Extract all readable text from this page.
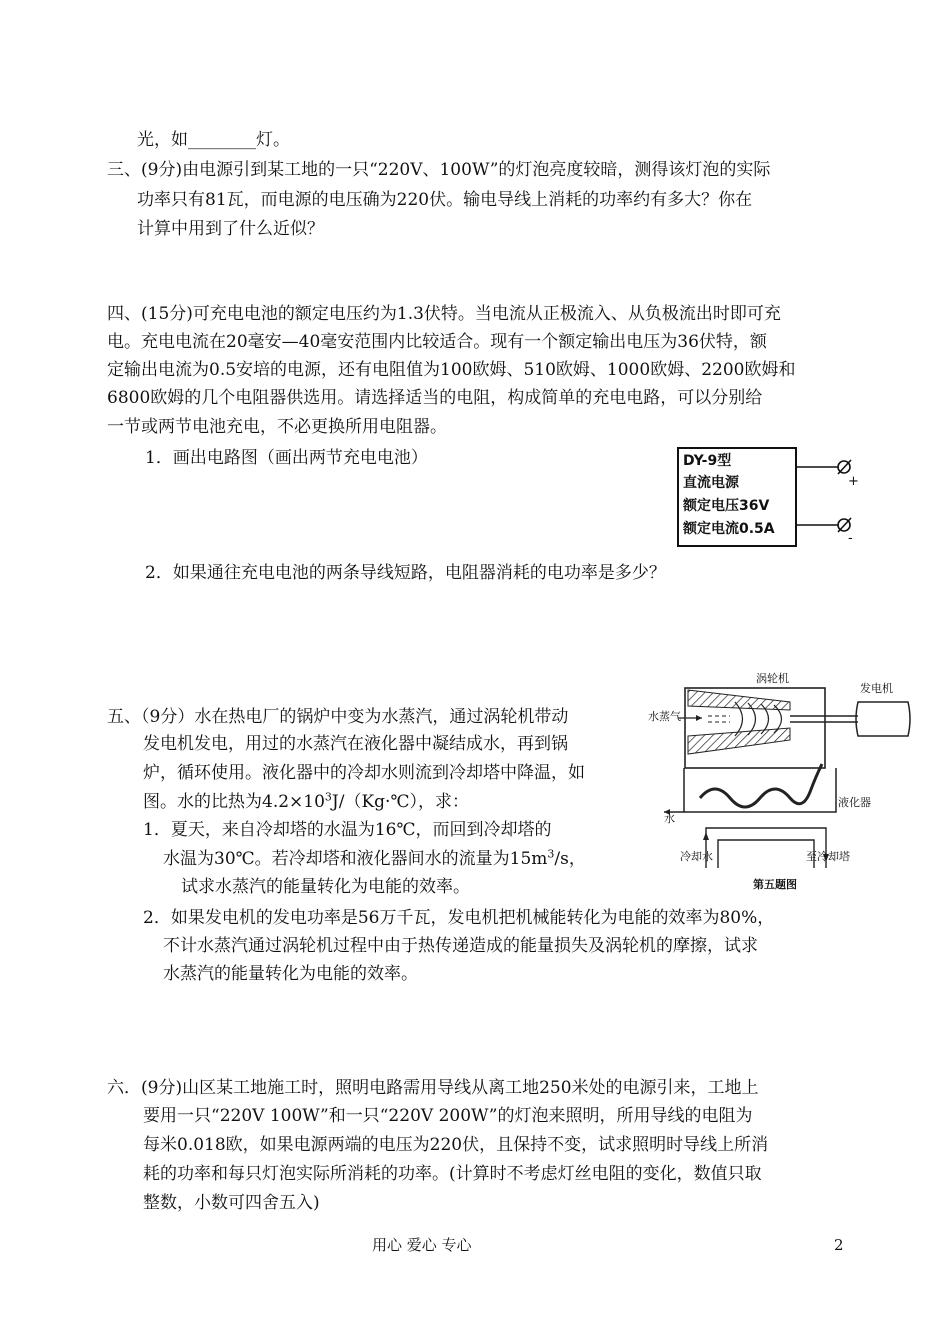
光，如________灯。
三、(9分)由电源引到某工地的一只“220V、100W”的灯泡亮度较暗，测得该灯泡的实际
功率只有81瓦，而电源的电压确为220伏。输电导线上消耗的功率约有多大？你在
计算中用到了什么近似？
四、(15分)可充电电池的额定电压约为1.3伏特。当电流从正极流入、从负极流出时即可充
电。充电电流在20毫安—40毫安范围内比较适合。现有一个额定输出电压为36伏特，额
定输出电流为0.5安培的电源，还有电阻值为100欧姆、510欧姆、1000欧姆、2200欧姆和
6800欧姆的几个电阻器供选用。请选择适当的电阻，构成简单的充电电路，可以分别给
一节或两节电池充电，不必更换所用电阻器。
1．画出电路图（画出两节充电电池）
2．如果通往充电电池的两条导线短路，电阻器消耗的电功率是多少？
DY-9型
直流电源
额定电压36V
额定电流0.5A
+
-
五、（9分）水在热电厂的锅炉中变为水蒸汽，通过涡轮机带动
发电机发电，用过的水蒸汽在液化器中凝结成水，再到锅
炉，循环使用。液化器中的冷却水则流到冷却塔中降温，如
图。水的比热为$4.2\times 10^3J/(Kg\cdot℃)$，求：
1．夏天，来自冷却塔的水温为16℃，而回到冷却塔的
水温为30℃。若冷却塔和液化器间水的流量为$15m^3/s$，
试求水蒸汽的能量转化为电能的效率。
2．如果发电机的发电功率是56万千瓦，发电机把机械能转化为电能的效率为80%，
不计水蒸汽通过涡轮机过程中由于热传递造成的能量损失及涡轮机的摩擦，试求
水蒸汽的能量转化为电能的效率。
涡轮机
发电机
水蒸气
液化器
水
冷却水	至冷却塔
第五题图
六．(9分)山区某工地施工时，照明电路需用导线从离工地250米处的电源引来，工地上
要用一只“220V 100W”和一只“220V 200W”的灯泡来照明，所用导线的电阻为
每米0.018欧，如果电源两端的电压为220伏，且保持不变，试求照明时导线上所消
耗的功率和每只灯泡实际所消耗的功率。(计算时不考虑灯丝电阻的变化，数值只取
整数，小数可四舍五入)
用心 爱心 专心	2
